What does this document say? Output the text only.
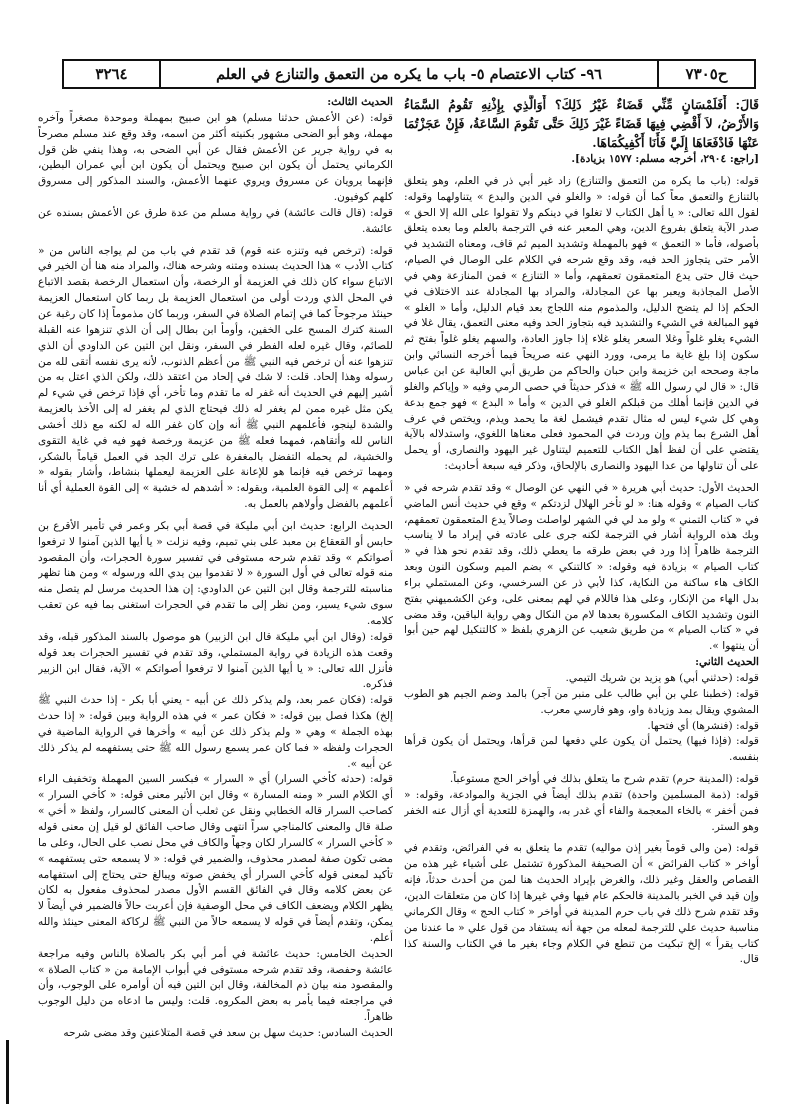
ح٧٣٠٥
٩٦- كتاب الاعتصام ٥- باب ما يكره من التعمق والتنازع في العلم
٣٢٦٤

قَالَ: أَفَلَمْسَانٍ مِّنِّي قَضَاءٌ غَيْرُ ذَلِكَ؟ أَوَالَّذِي بِإِذْنِهِ تَقُومُ السَّمَاءُ وَالأَرْضُ، لاَ أَقْضِي فِيهَا قَضَاءً غَيْرَ ذَلِكَ حَتَّى تَقُومَ السَّاعَةُ، فَإِنْ عَجَزْتُمَا عَنْهَا فَادْفَعَاهَا إِلَيَّ فَأَنَا أَكْفِيكُمَاهَا.

[راجع: ٢٩٠٤، أخرجه مسلم: ١٥٧٧ بزيادة].

قوله: (باب ما يكره من التعمق والتنازع) زاد غير أبي ذر في العلم، وهو يتعلق بالتنازع والتعمق معاً كما أن قوله: « والغلو في الدين والبدع » يتناولهما وقوله: لقول الله تعالى: « يا أهل الكتاب لا تغلوا في دينكم ولا تقولوا على الله إلا الحق » صدر الآية يتعلق بفروع الدين، وهي المعبر عنه في الترجمة بالعلم وما بعده يتعلق بأصوله، فأما « التعمق » فهو بالمهملة وتشديد الميم ثم قاف، ومعناه التشديد في الأمر حتى يتجاوز الحد فيه، وقد وقع شرحه في الكلام على الوصال في الصيام، حيث قال حتى يدع المتعمقون تعمقهم، وأما « التنازع » فمن المنازعة وهي في الأصل المجاذبة ويعبر بها عن المجادلة، والمراد بها المجادلة عند الاختلاف في الحكم إذا لم يتضح الدليل، والمذموم منه اللجاج بعد قيام الدليل، وأما « الغلو » فهو المبالغة في الشيء والتشديد فيه بتجاوز الحد وفيه معنى التعمق، يقال غلا في الشيء يغلو غلواً وغلا السعر يغلو غلاء إذا جاوز العادة، والسهم يغلو غلواً بفتح ثم سكون إذا بلغ غاية ما يرمى، وورد النهي عنه صريحاً فيما أخرجه النسائي وابن ماجة وصححه ابن خزيمة وابن حبان والحاكم من طريق أبي العالية عن ابن عباس قال: « قال لي رسول الله ﷺ » فذكر حديثاً في حصى الرمي وفيه « وإياكم والغلو في الدين فإنما أهلك من قبلكم الغلو في الدين » وأما « البدع » فهو جمع بدعة وهي كل شيء ليس له مثال تقدم فيشمل لغة ما يحمد ويذم، ويختص في عرف أهل الشرع بما يذم وإن وردت في المحمود فعلى معناها اللغوي، واستدلاله بالآية يقتضي على أن لفظ أهل الكتاب للتعميم ليتناول غير اليهود والنصارى، أو يحمل على أن تناولها من عدا اليهود والنصارى بالإلحاق، وذكر فيه سبعة أحاديث:

الحديث الأول: حديث أبي هريرة « في النهي عن الوصال » وقد تقدم شرحه في « كتاب الصيام » وقوله هنا: « لو تأخر الهلال لزدتكم » وقع في حديث أنس الماضي في « كتاب التمني » ولو مد لي في الشهر لواصلت وصالاً يدع المتعمقون تعمقهم، وبك هذه الرواية أشار في الترجمة لكنه جرى على عادته في إيراد ما لا يناسب الترجمة ظاهراً إذا ورد في بعض طرقه ما يعطي ذلك، وقد تقدم نحو هذا في « كتاب الصيام » بزيادة فيه وقوله: « كالتنكي » بضم الميم وسكون النون وبعد الكاف هاء ساكنة من النكاية، كذا لأبي ذر عن السرخسي، وعن المستملي براء بدل الهاء من الإنكار، وعلى هذا فاللام في لهم بمعنى على، وعن الكشميهني بفتح النون وتشديد الكاف المكسورة بعدها لام من النكال وهي رواية الباقين، وقد مضى في « كتاب الصيام » من طريق شعيب عن الزهري بلفظ « كالتنكيل لهم حين أبوا أن ينتهوا ».

الحديث الثاني:

قوله: (حدثني أبي) هو يزيد بن شريك التيمي.

قوله: (خطبنا علي بن أبي طالب على منبر من آجر) بالمد وضم الجيم هو الطوب المشوي ويقال بمد وزيادة واو، وهو فارسي معرب.

قوله: (فنشرها) أي فتحها.

قوله: (فإذا فيها) يحتمل أن يكون علي دفعها لمن قرأها، ويحتمل أن يكون قرأها بنفسه.

قوله: (المدينة حرم) تقدم شرح ما يتعلق بذلك في أواخر الحج مستوعباً.

قوله: (ذمة المسلمين واحدة) تقدم بذلك أيضاً في الجزية والموادعة، وقوله: « فمن أخفر » بالخاء المعجمة والفاء أي غدر به، والهمزة للتعدية أي أزال عنه الخفر وهو الستر.

قوله: (من والى قوماً بغير إذن مواليه) تقدم ما يتعلق به في الفرائض، وتقدم في أواخر « كتاب الفرائض » أن الصحيفة المذكورة تشتمل على أشياء غير هذه من القصاص والعقل وغير ذلك، والغرض بإيراد الحديث هنا لمن من أحدث حدثاً، فإنه وإن قيد في الخبر بالمدينة فالحكم عام فيها وفي غيرها إذا كان من متعلقات الدين، وقد تقدم شرح ذلك في باب حرم المدينة في أواخر « كتاب الحج » وقال الكرماني مناسبة حديث علي للترجمة لمعله من جهة أنه يستفاد من قول علي « ما عندنا من كتاب يقرأ » إلخ تبكيت من تنطع في الكلام وجاء بغير ما في الكتاب والسنة كذا قال.

الحديث الثالث:

قوله: (عن الأعمش حدثنا مسلم) هو ابن صبيح بمهملة وموحدة مصغراً وآخره مهملة، وهو أبو الضحى مشهور بكنيته أكثر من اسمه، وقد وقع عند مسلم مصرحاً به في رواية جرير عن الأعمش فقال عن أبي الضحى به، وهذا ينفي ظن قول الكرماني يحتمل أن يكون ابن صبيح ويحتمل أن يكون ابن أبي عمران البطين، فإنهما يرويان عن مسروق ويروي عنهما الأعمش، والسند المذكور إلى مسروق كلهم كوفيون.

قوله: (قال قالت عائشة) في رواية مسلم من عدة طرق عن الأعمش بسنده عن عائشة.

قوله: (ترخص فيه وتنزه عنه قوم) قد تقدم في باب من لم يواجه الناس من « كتاب الأدب » هذا الحديث بسنده ومتنه وشرحه هناك، والمراد منه هنا أن الخير في الاتباع سواء كان ذلك في العزيمة أو الرخصة، وأن استعمال الرخصة بقصد الاتباع في المحل الذي وردت أولى من استعمال العزيمة بل ربما كان استعمال العزيمة حينئذ مرجوحاً كما في إتمام الصلاة في السفر، وربما كان مذموماً إذا كان رغبة عن السنة كترك المسح على الخفين، وأومأ ابن بطال إلى أن الذي تنزهوا عنه القبلة للصائم، وقال غيره لعله الفطر في السفر، ونقل ابن التين عن الداودي أن الذي تنزهوا عنه أن ترخص فيه النبي ﷺ من أعظم الذنوب، لأنه يرى نفسه أتقى لله من رسوله وهذا إلحاد. قلت: لا شك في إلحاد من اعتقد ذلك، ولكن الذي اعتل به من أشير إليهم في الحديث أنه غفر له ما تقدم وما تأخر، أي فإذا ترخص في شيء لم يكن مثل غيره ممن لم يغفر له ذلك فيحتاج الذي لم يغفر له إلى الأخذ بالعزيمة والشدة لينجو، فأعلمهم النبي ﷺ أنه وإن كان غفر الله له لكنه مع ذلك أخشى الناس لله وأتقاهم، فمهما فعله ﷺ من عزيمة ورخصة فهو فيه في غاية التقوى والخشية، لم يحمله التفضل بالمغفرة على ترك الجد في العمل قياماً بالشكر، ومهما ترخص فيه فإنما هو للإعانة على العزيمة ليعملها بنشاط، وأشار بقوله « أعلمهم » إلى القوة العلمية، وبقوله: « أشدهم له خشية » إلى القوة العملية أي أنا أعلمهم بالفضل وأولاهم بالعمل به.

الحديث الرابع: حديث ابن أبي مليكة في قصة أبي بكر وعمر في تأمير الأقرع بن حابس أو القعقاع بن معبد على بني تميم، وفيه نزلت « يا أيها الذين آمنوا لا ترفعوا أصواتكم » وقد تقدم شرحه مستوفى في تفسير سورة الحجرات، وأن المقصود منه قوله تعالى في أول السورة « لا تقدموا بين يدي الله ورسوله » ومن هنا تظهر مناسبته للترجمة وقال ابن التين عن الداودي: إن هذا الحديث مرسل لم يتصل منه سوى شيء يسير، ومن نظر إلى ما تقدم في الحجرات استغنى بما فيه عن تعقب كلامه.

قوله: (وقال ابن أبي مليكة قال ابن الزبير) هو موصول بالسند المذكور قبله، وقد وقعت هذه الزيادة في رواية المستملي، وقد تقدم في تفسير الحجرات بعد قوله فأنزل الله تعالى: « يا أيها الذين آمنوا لا ترفعوا أصواتكم » الآية، فقال ابن الزبير فذكره.

قوله: (فكان عمر بعد، ولم يذكر ذلك عن أبيه - يعني أبا بكر - إذا حدث النبي ﷺ إلخ) هكذا فصل بين قوله: « فكان عمر » في هذه الرواية وبين قوله: « إذا حدث بهذه الجملة » وهي « ولم يذكر ذلك عن أبيه » وأخرها في الرواية الماضية في الحجرات ولفظه « فما كان عمر يسمع رسول الله ﷺ حتى يستفهمه لم يذكر ذلك عن أبيه ».

قوله: (حدثه كأخي السرار) أي « السرار » فبكسر السين المهملة وتخفيف الراء أي الكلام السر « ومنه المسارة » وقال ابن الأثير معنى قوله: « كأخي السرار » كصاحب السرار قاله الخطابي ونقل عن ثعلب أن المعنى كالسرار، ولفظ « أخي » صلة قال والمعنى كالمناجي سراً انتهى وقال صاحب الفائق لو قيل إن معنى قوله « كأخي السرار » كالسرار لكان وجهاً والكاف في محل نصب على الحال، وعلى ما مضى تكون صفة لمصدر محذوف، والضمير في قوله: « لا يسمعه حتى يستفهمه » تأكيد لمعنى قوله كأخي السرار أي يخفض صوته ويبالغ حتى يحتاج إلى استفهامه عن بعض كلامه وقال في الفائق القسم الأول مصدر لمحذوف مفعول به لكان يظهر الكلام ويضعف الكاف في محل الوصفية فإن أعربت حالاً فالضمير في أيضاً لا يمكن، وتقدم أيضاً في قوله لا يسمعه حالاً من النبي ﷺ لركاكة المعنى حينئذ والله أعلم.

الحديث الخامس: حديث عائشة في أمر أبي بكر بالصلاة بالناس وفيه مراجعة عائشة وحفصة، وقد تقدم شرحه مستوفى في أبواب الإمامة من « كتاب الصلاة » والمقصود منه بيان ذم المخالفة، وقال ابن التين فيه أن أوامره على الوجوب، وأن في مراجعته فيما يأمر به بعض المكروه. قلت: وليس ما ادعاه من دليل الوجوب ظاهراً.

الحديث السادس: حديث سهل بن سعد في قصة المتلاعنين وقد مضى شرحه
